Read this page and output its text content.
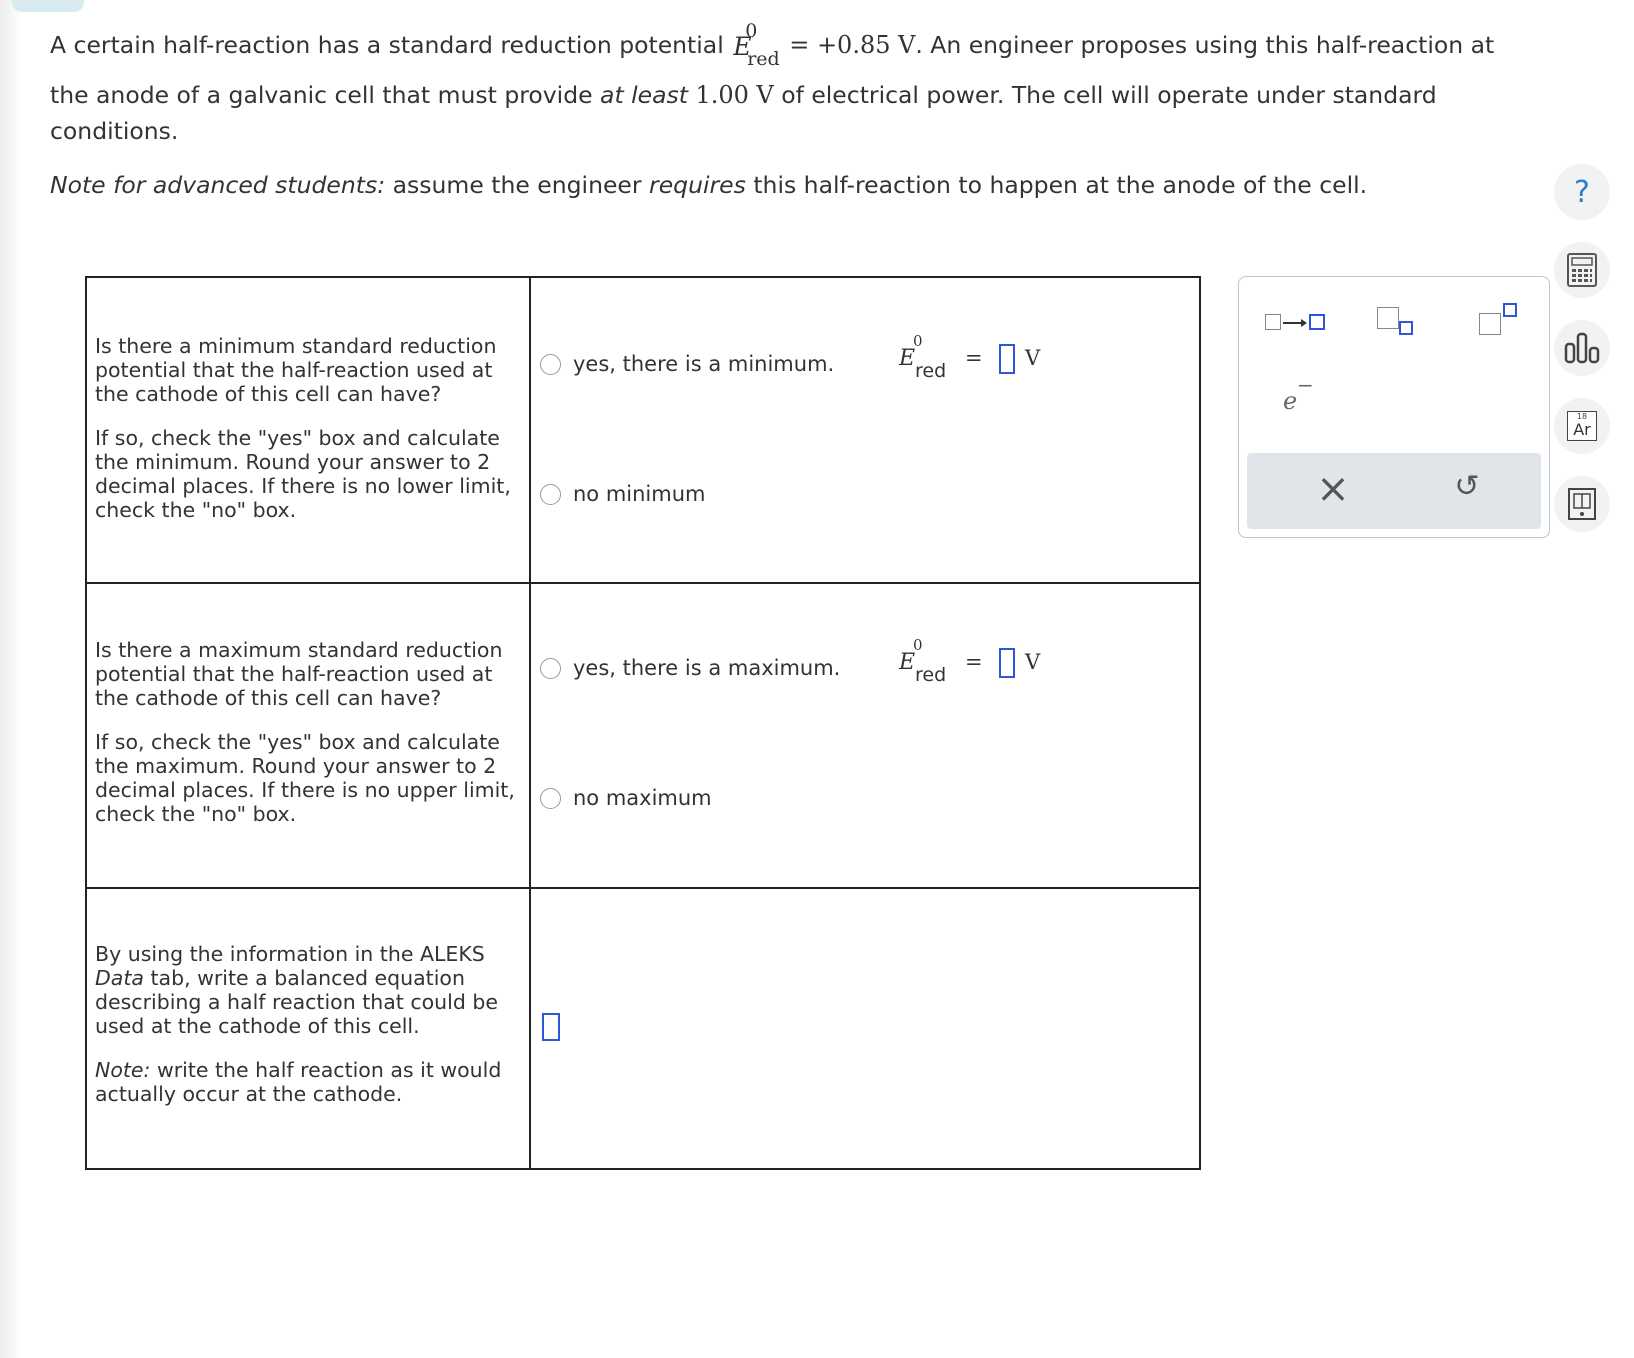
A certain half-reaction has a standard reduction potential E
0
red = +0.85 V. An engineer proposes using this half-reaction at
the anode of a galvanic cell that must provide at least 1.00 V of electrical power. The cell will operate under standard
conditions.
Note for advanced students: assume the engineer requires this half-reaction to happen at the anode of the cell.

Is there a minimum standard reduction potential that the half-reaction used at the cathode of this cell can have?

If so, check the "yes" box and calculate the minimum. Round your answer to 2 decimal places. If there is no lower limit, check the "no" box.

yes, there is a minimum.
no minimum
E
0
red
= V

Is there a maximum standard reduction potential that the half-reaction used at the cathode of this cell can have?

If so, check the "yes" box and calculate the maximum. Round your answer to 2 decimal places. If there is no upper limit, check the "no" box.

yes, there is a maximum.
no maximum
E
0
red
= V

By using the information in the ALEKS Data tab, write a balanced equation describing a half reaction that could be used at the cathode of this cell.

Note: write the half reaction as it would actually occur at the cathode.

e
−
×	↺
?
18
Ar
